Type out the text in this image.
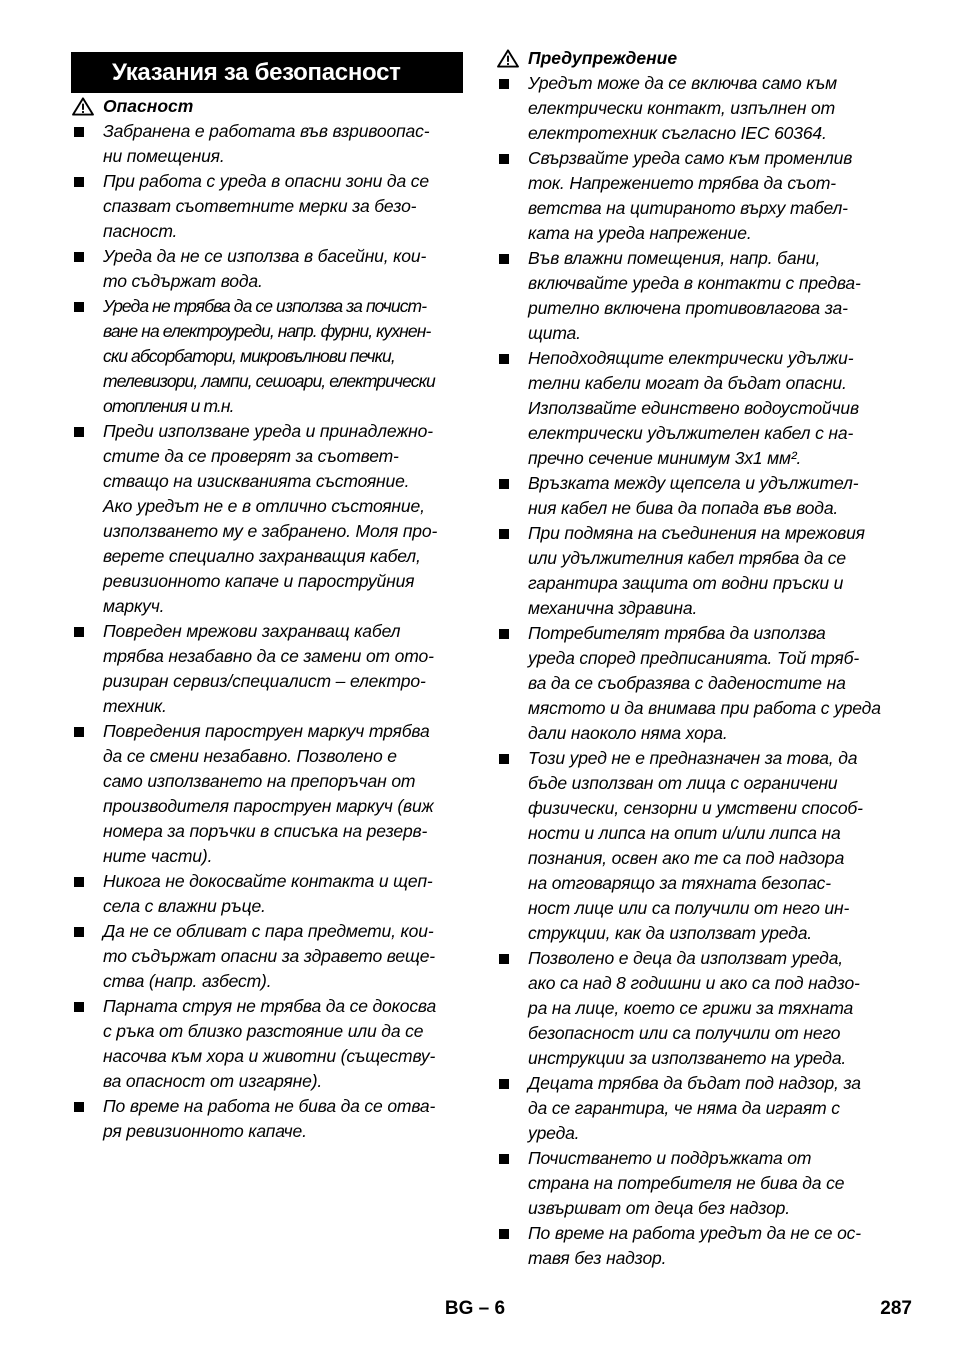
Указания за безопасност
Опасност
Забранена е работата във взривоопас-
ни помещения.
При работа с уреда в опасни зони да се
спазват съответните мерки за безо-
пасност.
Уреда да не се използва в басейни, кои-
то съдържат вода.
Уреда не трябва да се използва за почист-
ване на електроуреди, напр. фурни, кухнен-
ски абсорбатори, микровълнови печки,
телевизори, лампи, сешоари, електрически
отопления и т.н.
Преди използване уреда и принадлежно-
стите да се проверят за съответ-
стващо на изискванията състояние.
Ако уредът не е в отлично състояние,
използването му е забранено. Моля про-
верете специално захранващия кабел,
ревизионното капаче и пароструйния
маркуч.
Повреден мрежови захранващ кабел
трябва незабавно да се замени от ото-
ризиран сервиз/специалист – електро-
техник.
Повредения пароструен маркуч трябва
да се смени незабавно. Позволено е
само използването на препоръчан от
производителя пароструен маркуч (виж
номера за поръчки в списъка на резерв-
ните части).
Никога не докосвайте контакта и щеп-
села с влажни ръце.
Да не се обливат с пара предмети, кои-
то съдържат опасни за здравето веще-
ства (напр. азбест).
Парната струя не трябва да се докосва
с ръка от близко разстояние или да се
насочва към хора и животни (съществу-
ва опасност от изгаряне).
По време на работа не бива да се отва-
ря ревизионното капаче.
Предупреждение
Уредът може да се включва само към
електрически контакт, изпълнен от
електротехник съгласно IEC 60364.
Свързвайте уреда само към променлив
ток. Напрежението трябва да съот-
ветства на цитираното върху табел-
ката на уреда напрежение.
Във влажни помещения, напр. бани,
включвайте уреда в контакти с предва-
рително включена противовлагова за-
щита.
Неподходящите електрически удължи-
телни кабели могат да бъдат опасни.
Използвайте единствено водоустойчив
електрически удължителен кабел с на-
пречно сечение минимум 3x1 мм².
Връзката между щепсела и удължител-
ния кабел не бива да попада във вода.
При подмяна на съединения на мрежовия
или удължителния кабел трябва да се
гарантира защита от водни пръски и
механична здравина.
Потребителят трябва да използва
уреда според предписанията. Той тряб-
ва да се съобразява с даденостите на
мястото и да внимава при работа с уреда
дали наоколо няма хора.
Този уред не е предназначен за това, да
бъде използван от лица с ограничени
физически, сензорни и умствени способ-
ности и липса на опит и/или липса на
познания, освен ако те са под надзора
на отговарящо за тяхната безопас-
ност лице или са получили от него ин-
струкции, как да използват уреда.
Позволено е деца да използват уреда,
ако са над 8 годишни и ако са под надзо-
ра на лице, което се грижи за тяхната
безопасност или са получили от него
инструкции за използването на уреда.
Децата трябва да бъдат под надзор, за
да се гарантира, че няма да играят с
уреда.
Почистването и поддръжката от
страна на потребителя не бива да се
извършват от деца без надзор.
По време на работа уредът да не се ос-
тавя без надзор.
BG – 6	287
